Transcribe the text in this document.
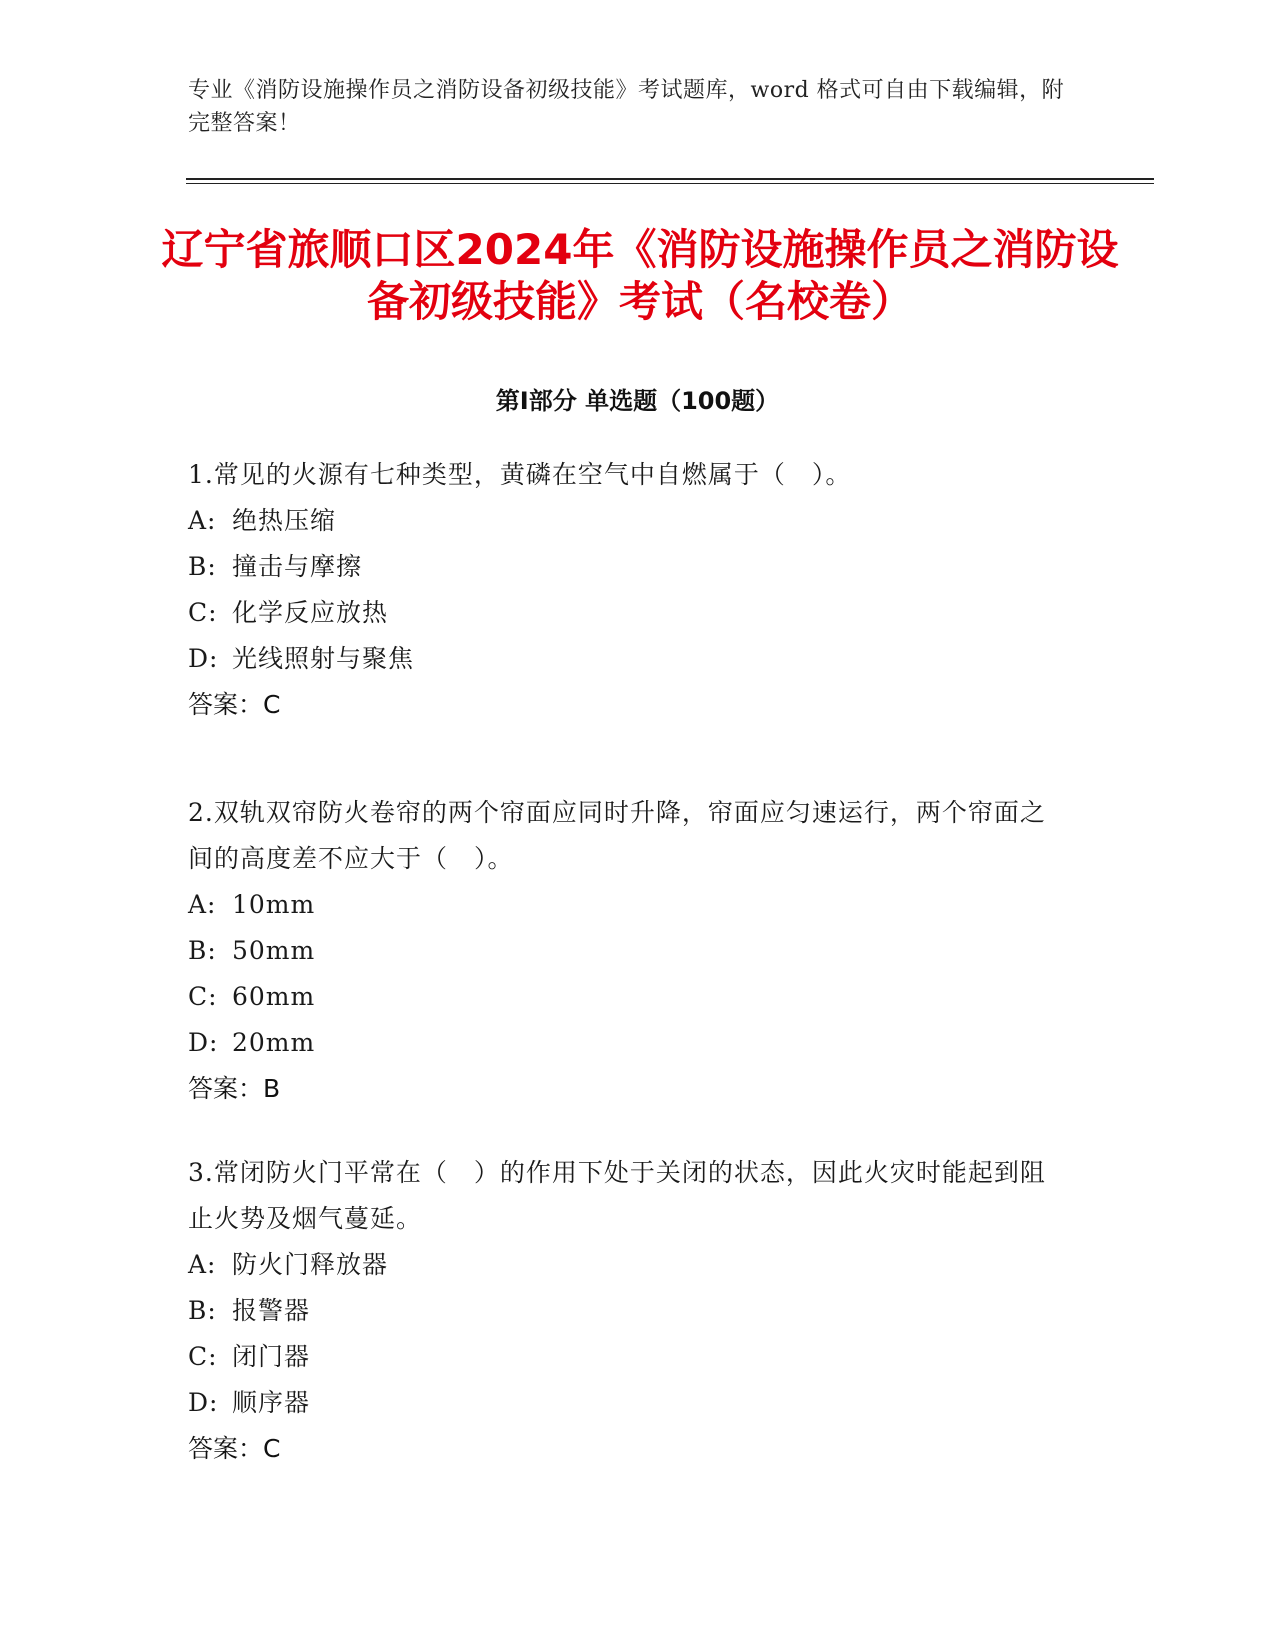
专业《消防设施操作员之消防设备初级技能》考试题库，word 格式可自由下载编辑，附完整答案！
辽宁省旅顺口区2024年《消防设施操作员之消防设备初级技能》考试（名校卷）
第Ⅰ部分 单选题（100题）
1.常见的火源有七种类型，黄磷在空气中自燃属于（　）。
A: 绝热压缩
B: 撞击与摩擦
C: 化学反应放热
D: 光线照射与聚焦
答案：C
2.双轨双帘防火卷帘的两个帘面应同时升降，帘面应匀速运行，两个帘面之间的高度差不应大于（　）。
A: 10mm
B: 50mm
C: 60mm
D: 20mm
答案：B
3.常闭防火门平常在（　）的作用下处于关闭的状态，因此火灾时能起到阻止火势及烟气蔓延。
A: 防火门释放器
B: 报警器
C: 闭门器
D: 顺序器
答案：C
